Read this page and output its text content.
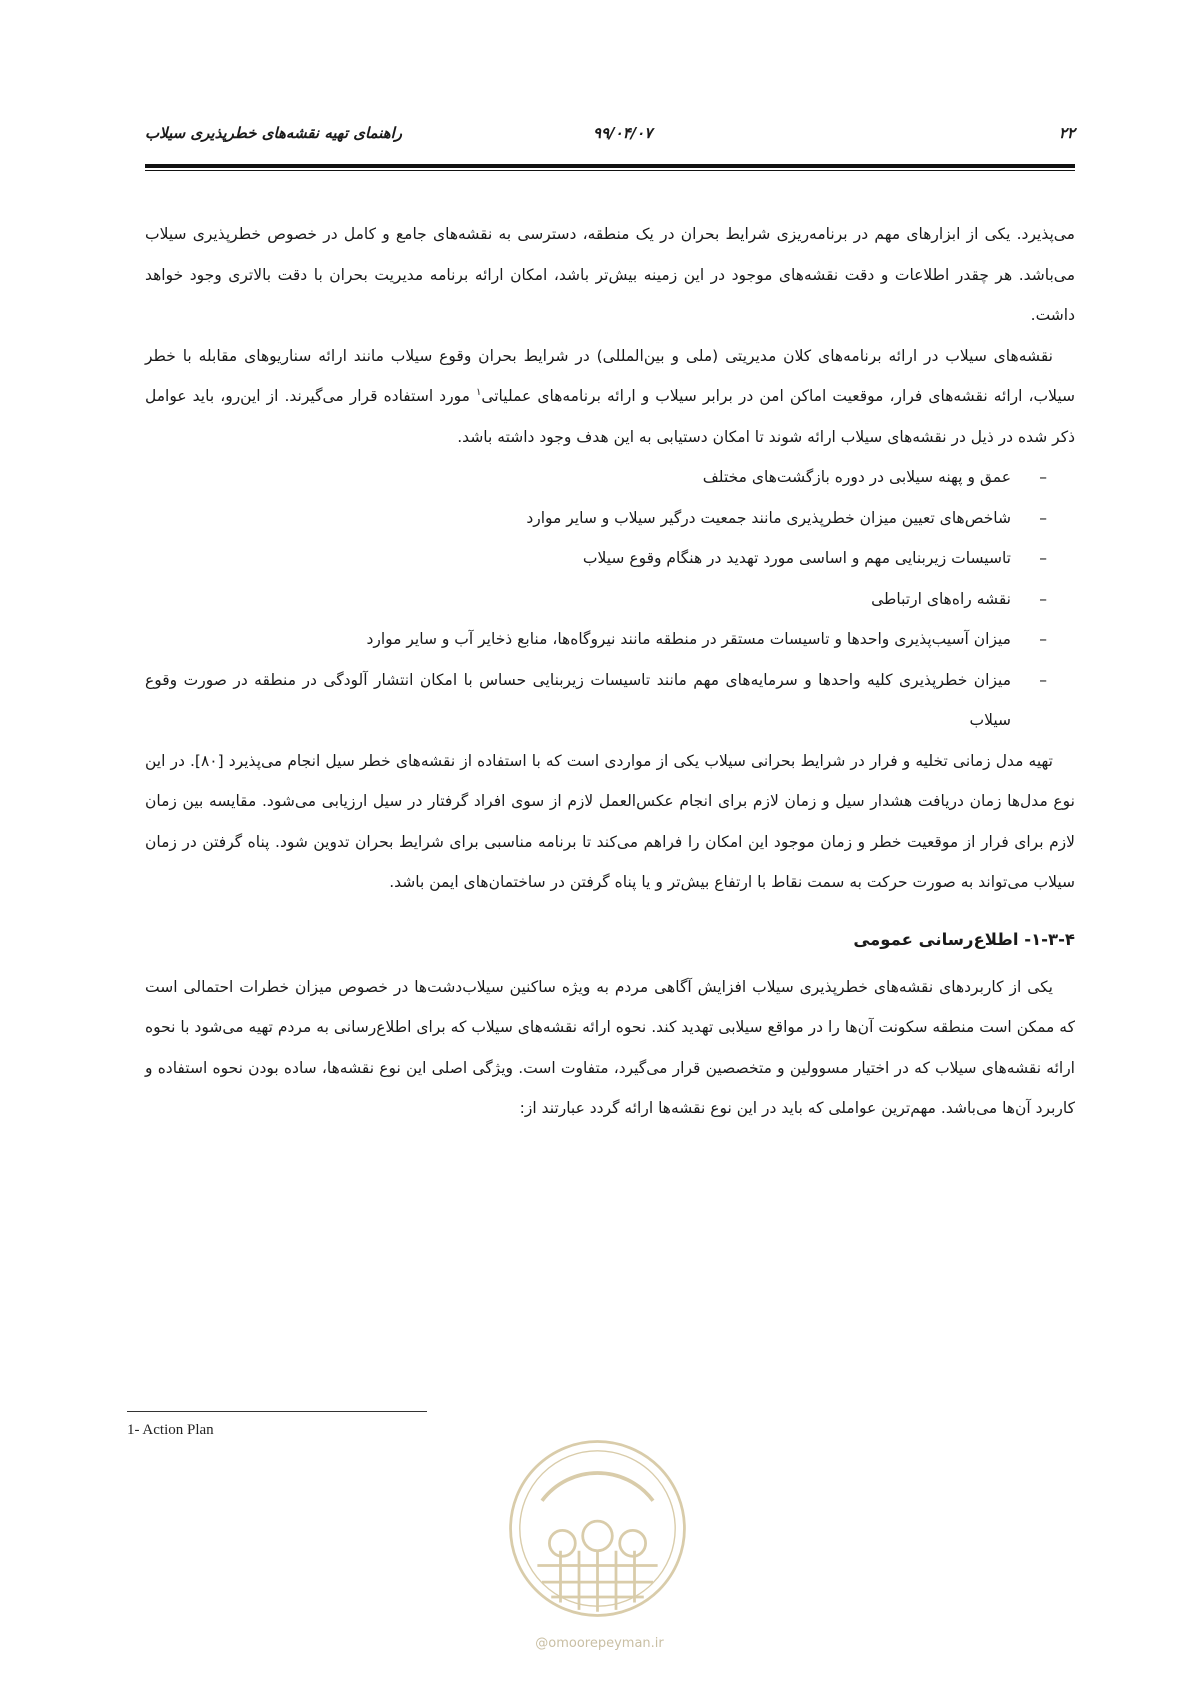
۲۲
۹۹/۰۴/۰۷
راهنمای تهیه نقشه‌های خطرپذیری سیلاب

می‌پذیرد. یکی از ابزارهای مهم در برنامه‌ریزی شرایط بحران در یک منطقه، دسترسی به نقشه‌های جامع و کامل در خصوص خطرپذیری سیلاب می‌باشد. هر چقدر اطلاعات و دقت نقشه‌های موجود در این زمینه بیش‌تر باشد، امکان ارائه برنامه مدیریت بحران با دقت بالاتری وجود خواهد داشت.

نقشه‌های سیلاب در ارائه برنامه‌های کلان مدیریتی (ملی و بین‌المللی) در شرایط بحران وقوع سیلاب مانند ارائه سناریوهای مقابله با خطر سیلاب، ارائه نقشه‌های فرار، موقعیت اماکن امن در برابر سیلاب و ارائه برنامه‌های عملیاتی$^۱$ مورد استفاده قرار می‌گیرند. از این‌رو، باید عوامل ذکر شده در ذیل در نقشه‌های سیلاب ارائه شوند تا امکان دستیابی به این هدف وجود داشته باشد.

–
عمق و پهنه سیلابی در دوره بازگشت‌های مختلف
–
شاخص‌های تعیین میزان خطرپذیری مانند جمعیت درگیر سیلاب و سایر موارد
–
تاسیسات زیربنایی مهم و اساسی مورد تهدید در هنگام وقوع سیلاب
–
نقشه راه‌های ارتباطی
–
میزان آسیب‌پذیری واحدها و تاسیسات مستقر در منطقه مانند نیروگاه‌ها، منابع ذخایر آب و سایر موارد
–
میزان خطرپذیری کلیه واحدها و سرمایه‌های مهم مانند تاسیسات زیربنایی حساس با امکان انتشار آلودگی در منطقه در صورت وقوع سیلاب

تهیه مدل زمانی تخلیه و فرار در شرایط بحرانی سیلاب یکی از مواردی است که با استفاده از نقشه‌های خطر سیل انجام می‌پذیرد [۸۰]. در این نوع مدل‌ها زمان دریافت هشدار سیل و زمان لازم برای انجام عکس‌العمل لازم از سوی افراد گرفتار در سیل ارزیابی می‌شود. مقایسه بین زمان لازم برای فرار از موقعیت خطر و زمان موجود این امکان را فراهم می‌کند تا برنامه مناسبی برای شرایط بحران تدوین شود. پناه گرفتن در زمان سیلاب می‌تواند به صورت حرکت به سمت نقاط با ارتفاع بیش‌تر و یا پناه گرفتن در ساختمان‌های ایمن باشد.

۱-۳-۴- اطلاع‌رسانی عمومی

یکی از کاربردهای نقشه‌های خطرپذیری سیلاب افزایش آگاهی مردم به ویژه ساکنین سیلاب‌دشت‌ها در خصوص میزان خطرات احتمالی است که ممکن است منطقه سکونت آن‌ها را در مواقع سیلابی تهدید کند. نحوه ارائه نقشه‌های سیلاب که برای اطلاع‌رسانی به مردم تهیه می‌شود با نحوه ارائه نقشه‌های سیلاب که در اختیار مسوولین و متخصصین قرار می‌گیرد، متفاوت است. ویژگی اصلی این نوع نقشه‌ها، ساده بودن نحوه استفاده و کاربرد آن‌ها می‌باشد. مهم‌ترین عواملی که باید در این نوع نقشه‌ها ارائه گردد عبارتند از:

1- Action Plan
@omoorepeyman.ir
